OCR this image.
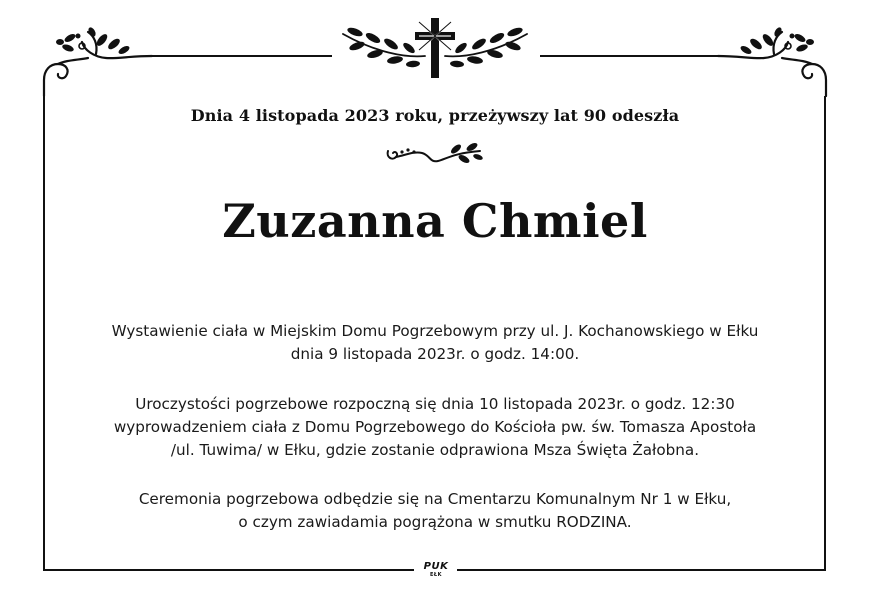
Dnia 4 listopada 2023 roku, przeżywszy lat 90 odeszła
Zuzanna Chmiel
Wystawienie ciała w Miejskim Domu Pogrzebowym przy ul. J. Kochanowskiego w Ełku
dnia 9 listopada 2023r. o godz. 14:00.
Uroczystości pogrzebowe rozpoczną się dnia 10 listopada 2023r. o godz. 12:30
wyprowadzeniem ciała z Domu Pogrzebowego do Kościoła pw. św. Tomasza Apostoła
/ul. Tuwima/ w Ełku, gdzie zostanie odprawiona Msza Święta Żałobna.
Ceremonia pogrzebowa odbędzie się na Cmentarzu Komunalnym Nr 1 w Ełku,
o czym zawiadamia pogrążona w smutku RODZINA.
PUK
EŁK
